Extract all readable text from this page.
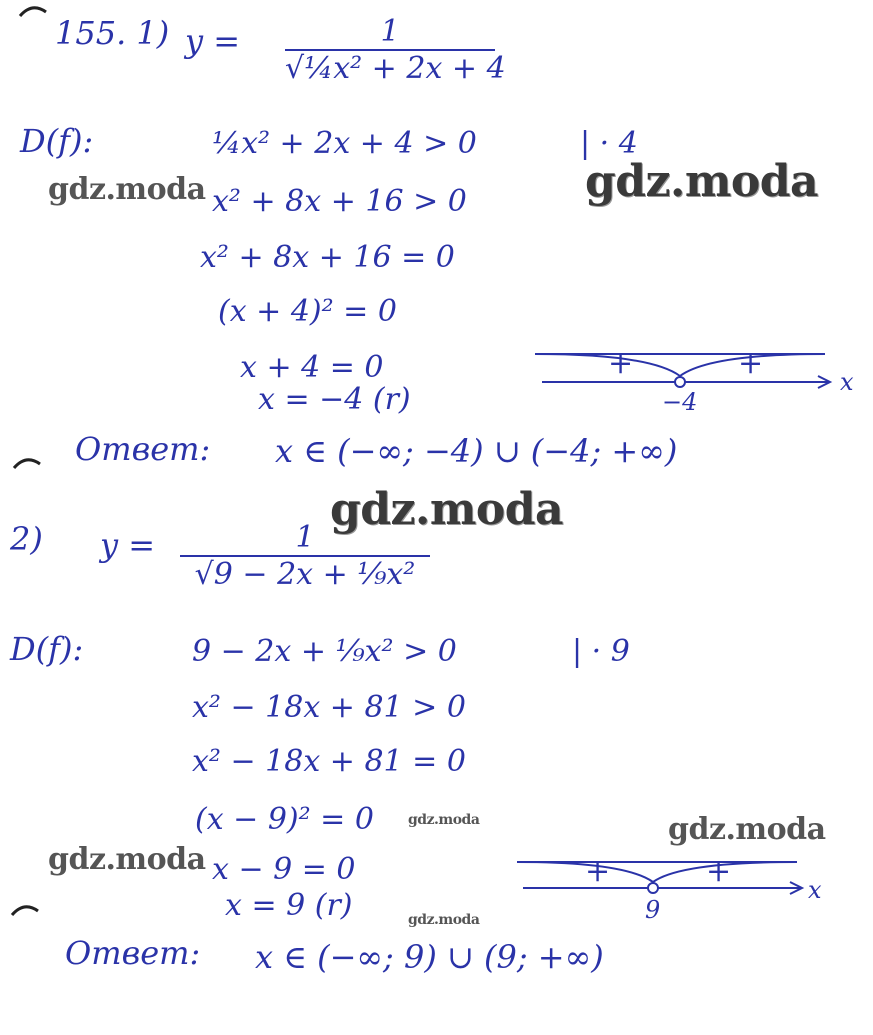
155. 1) y =	1
√¼x² + 2x + 4
D(f):	¼x² + 2x + 4 > 0	| · 4
x² + 8x + 16 > 0
x² + 8x + 16 = 0
(x + 4)² = 0
x + 4 = 0
x = −4 (r)
+	+
−4
x
Ответ: x ∈ (−∞; −4) ∪ (−4; +∞)
2) y =	1
√9 − 2x + ⅑x²
D(f):	9 − 2x + ⅑x² > 0	| · 9
x² − 18x + 81 > 0
x² − 18x + 81 = 0
(x − 9)² = 0
x − 9 = 0
x = 9 (r)
+	+
9
x
Ответ: x ∈ (−∞; 9) ∪ (9; +∞)
gdz.moda	gdz.moda
gdz.moda
gdz.moda
gdz.moda
gdz.moda
gdz.moda
